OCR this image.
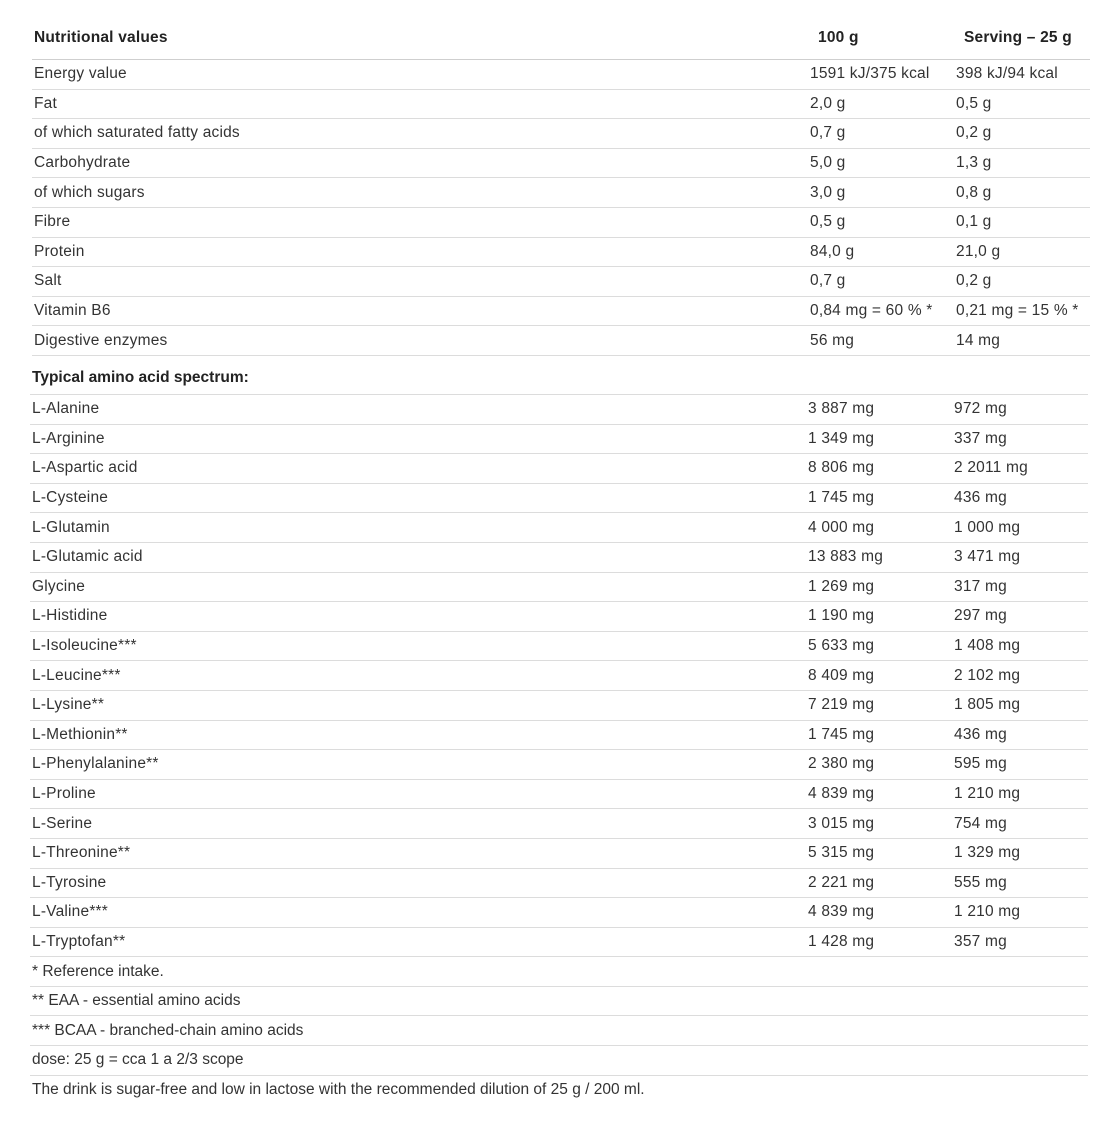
Nutritional values	100 g	Serving – 25 g
Energy value	1591 kJ/375 kcal	398 kJ/94 kcal
Fat	2,0 g	0,5 g
of which saturated fatty acids	0,7 g	0,2 g
Carbohydrate	5,0 g	1,3 g
of which sugars	3,0 g	0,8 g
Fibre	0,5 g	0,1 g
Protein	84,0 g	21,0 g
Salt	0,7 g	0,2 g
Vitamin B6	0,84 mg = 60 % *	0,21 mg = 15 % *
Digestive enzymes	56 mg	14 mg
Typical amino acid spectrum:
L-Alanine	3 887 mg	972 mg
L-Arginine	1 349 mg	337 mg
L-Aspartic acid	8 806 mg	2 2011 mg
L-Cysteine	1 745 mg	436 mg
L-Glutamin	4 000 mg	1 000 mg
L-Glutamic acid	13 883 mg	3 471 mg
Glycine	1 269 mg	317 mg
L-Histidine	1 190 mg	297 mg
L-Isoleucine***	5 633 mg	1 408 mg
L-Leucine***	8 409 mg	2 102 mg
L-Lysine**	7 219 mg	1 805 mg
L-Methionin**	1 745 mg	436 mg
L-Phenylalanine**	2 380 mg	595 mg
L-Proline	4 839 mg	1 210 mg
L-Serine	3 015 mg	754 mg
L-Threonine**	5 315 mg	1 329 mg
L-Tyrosine	2 221 mg	555 mg
L-Valine***	4 839 mg	1 210 mg
L-Tryptofan**	1 428 mg	357 mg
* Reference intake.
** EAA - essential amino acids
*** BCAA - branched-chain amino acids
dose: 25 g = cca 1 a 2/3 scope
The drink is sugar-free and low in lactose with the recommended dilution of 25 g / 200 ml.
